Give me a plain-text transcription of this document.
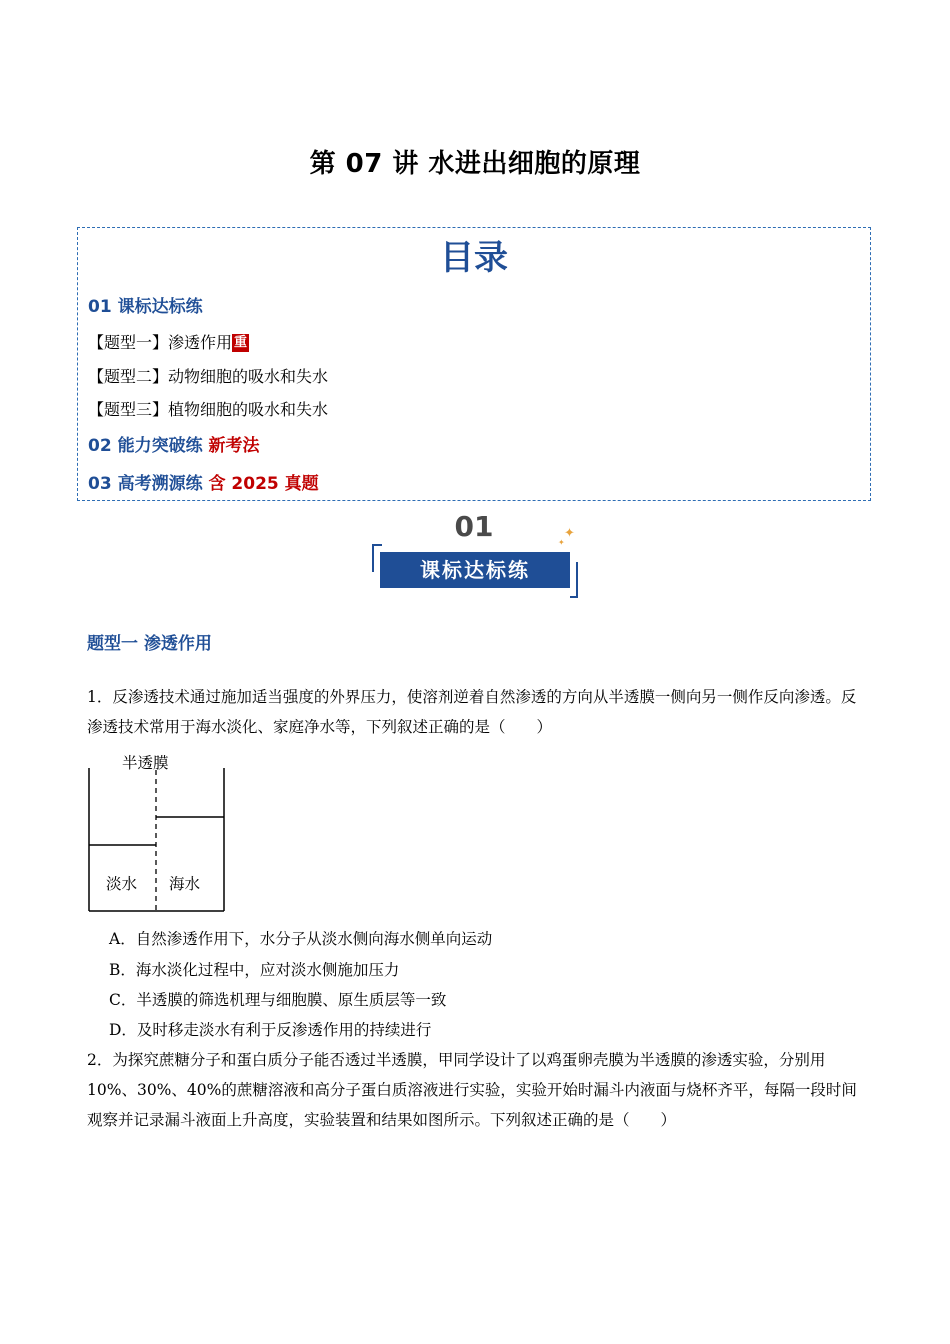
第 07 讲 水进出细胞的原理
目录
01 课标达标练
【题型一】渗透作用 重
【题型二】动物细胞的吸水和失水
【题型三】植物细胞的吸水和失水
02 能力突破练 新考法
03 高考溯源练 含 2025 真题
01
课标达标练
✦
✦
题型一 渗透作用
1．反渗透技术通过施加适当强度的外界压力，使溶剂逆着自然渗透的方向从半透膜一侧向另一侧作反向渗透。反渗透技术常用于海水淡化、家庭净水等，下列叙述正确的是（　　）
半透膜
淡水 海水
A．自然渗透作用下，水分子从淡水侧向海水侧单向运动
B．海水淡化过程中，应对淡水侧施加压力
C．半透膜的筛选机理与细胞膜、原生质层等一致
D．及时移走淡水有利于反渗透作用的持续进行
2．为探究蔗糖分子和蛋白质分子能否透过半透膜，甲同学设计了以鸡蛋卵壳膜为半透膜的渗透实验，分别用 10%、30%、40%的蔗糖溶液和高分子蛋白质溶液进行实验，实验开始时漏斗内液面与烧杯齐平，每隔一段时间观察并记录漏斗液面上升高度，实验装置和结果如图所示。下列叙述正确的是（　　）
